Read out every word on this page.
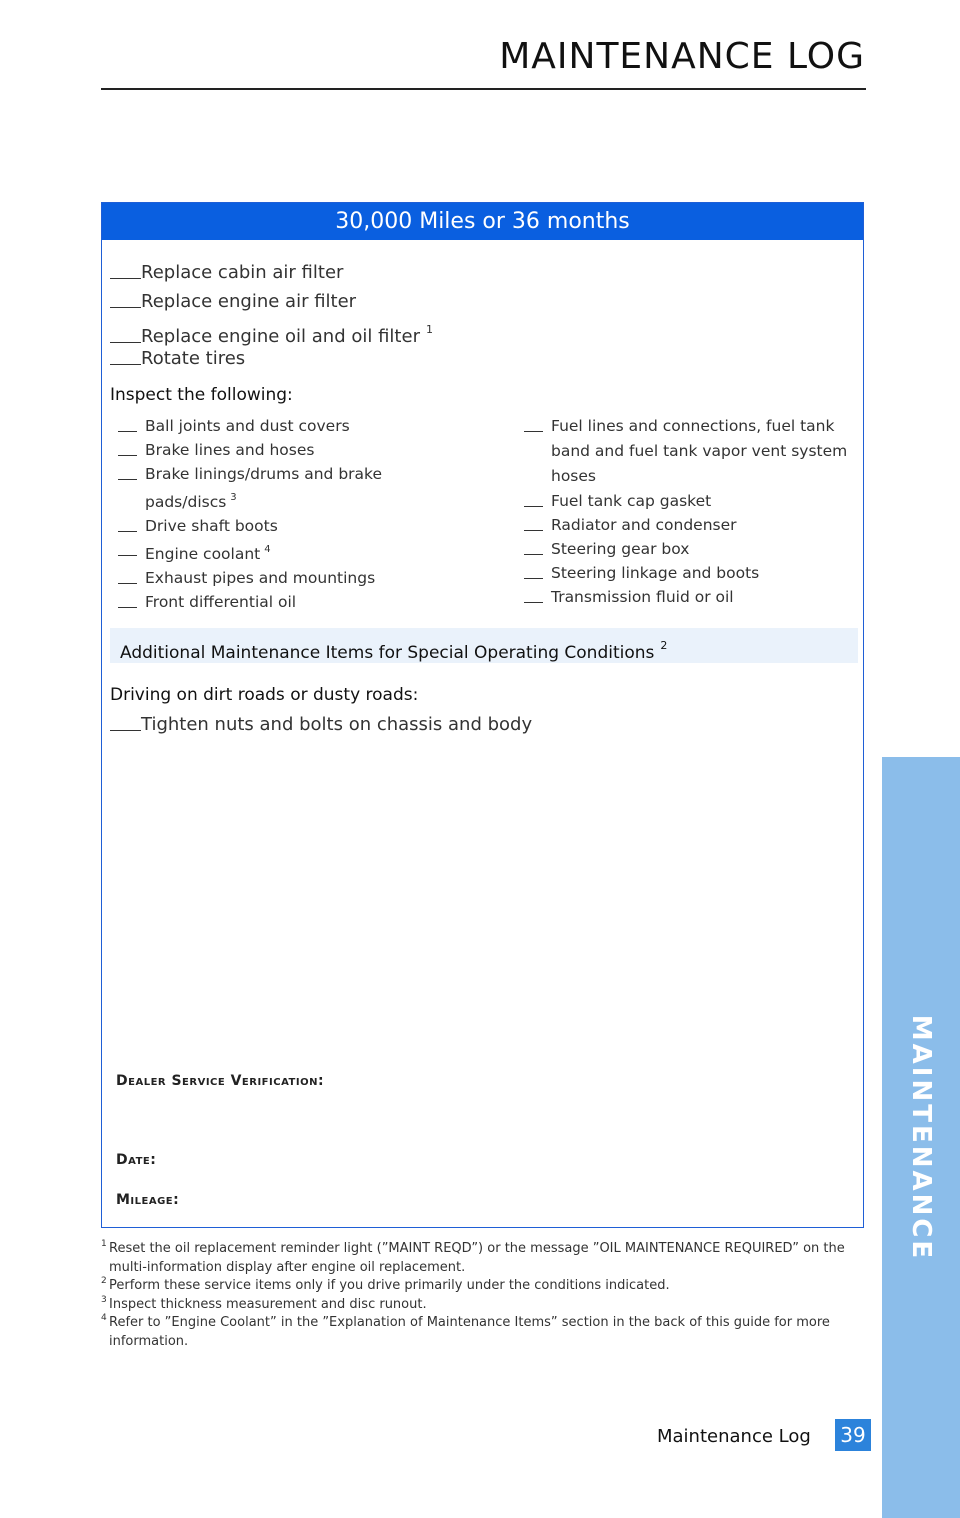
MAINTENANCE LOG
30,000 Miles or 36 months
Replace cabin air filter
Replace engine air filter
Replace engine oil and oil filter $^1$
Rotate tires
Inspect the following:
Ball joints and dust covers
Brake lines and hoses
Brake linings/drums and brake pads/discs $^3$
Drive shaft boots
Engine coolant $^4$
Exhaust pipes and mountings
Front differential oil
Fuel lines and connections, fuel tank band and fuel tank vapor vent system hoses
Fuel tank cap gasket
Radiator and condenser
Steering gear box
Steering linkage and boots
Transmission fluid or oil
Additional Maintenance Items for Special Operating Conditions $^2$
Driving on dirt roads or dusty roads:
Tighten nuts and bolts on chassis and body
Dealer Service Verification:
Date:
Mileage:
1 Reset the oil replacement reminder light (”MAINT REQD”) or the message ”OIL MAINTENANCE REQUIRED” on the multi-information display after engine oil replacement.
2 Perform these service items only if you drive primarily under the conditions indicated.
3 Inspect thickness measurement and disc runout.
4 Refer to ”Engine Coolant” in the ”Explanation of Maintenance Items” section in the back of this guide for more information.
Maintenance Log 39
MAINTENANCE
